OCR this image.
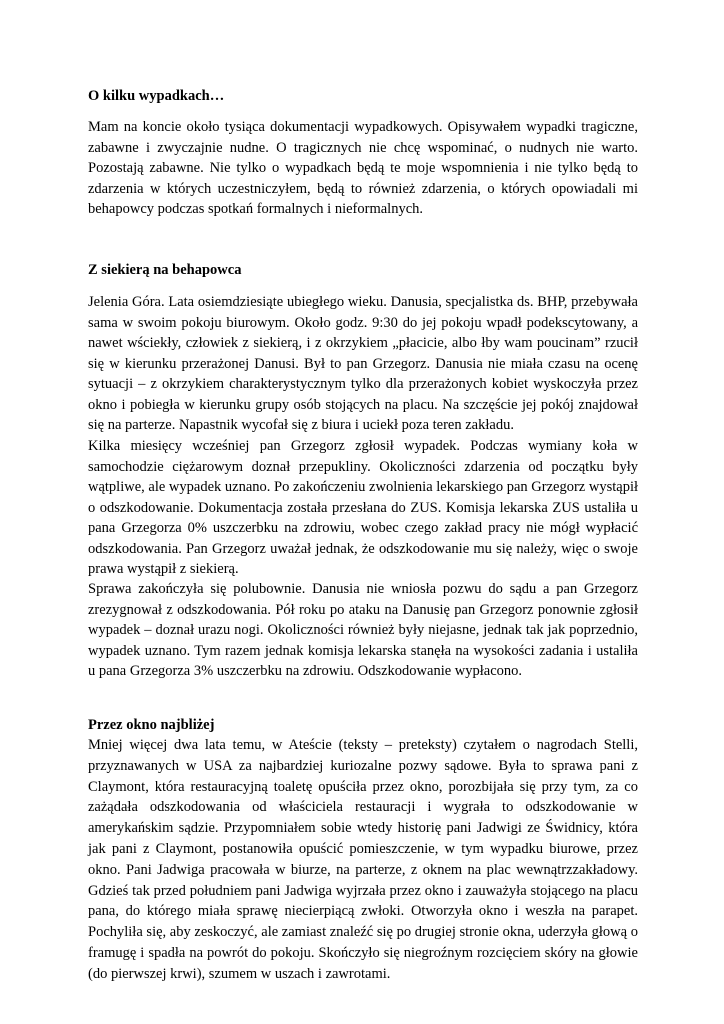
O kilku wypadkach…

Mam na koncie około tysiąca dokumentacji wypadkowych. Opisywałem wypadki tragiczne, zabawne i zwyczajnie nudne. O tragicznych nie chcę wspominać, o nudnych nie warto. Pozostają zabawne. Nie tylko o wypadkach będą te moje wspomnienia i nie tylko będą to zdarzenia w których uczestniczyłem, będą to również zdarzenia, o których opowiadali mi behapowcy podczas spotkań formalnych i nieformalnych.

Z siekierą na behapowca

Jelenia Góra. Lata osiemdziesiąte ubiegłego wieku. Danusia, specjalistka ds. BHP, przebywała sama w swoim pokoju biurowym. Około godz. 9:30 do jej pokoju wpadł podekscytowany, a nawet wściekły, człowiek z siekierą, i z okrzykiem „płacicie, albo łby wam poucinam” rzucił się w kierunku przerażonej Danusi. Był to pan Grzegorz. Danusia nie miała czasu na ocenę sytuacji – z okrzykiem charakterystycznym tylko dla przerażonych kobiet wyskoczyła przez okno i pobiegła w kierunku grupy osób stojących na placu. Na szczęście jej pokój znajdował się na parterze. Napastnik wycofał się z biura i uciekł poza teren zakładu.

Kilka miesięcy wcześniej pan Grzegorz zgłosił wypadek. Podczas wymiany koła w samochodzie ciężarowym doznał przepukliny. Okoliczności zdarzenia od początku były wątpliwe, ale wypadek uznano. Po zakończeniu zwolnienia lekarskiego pan Grzegorz wystąpił o odszkodowanie. Dokumentacja została przesłana do ZUS. Komisja lekarska ZUS ustaliła u pana Grzegorza 0% uszczerbku na zdrowiu, wobec czego zakład pracy nie mógł wypłacić odszkodowania. Pan Grzegorz uważał jednak, że odszkodowanie mu się należy, więc o swoje prawa wystąpił z siekierą.

Sprawa zakończyła się polubownie. Danusia nie wniosła pozwu do sądu a pan Grzegorz zrezygnował z odszkodowania. Pół roku po ataku na Danusię pan Grzegorz ponownie zgłosił wypadek – doznał urazu nogi. Okoliczności również były niejasne, jednak tak jak poprzednio, wypadek uznano. Tym razem jednak komisja lekarska stanęła na wysokości zadania i ustaliła u pana Grzegorza 3% uszczerbku na zdrowiu. Odszkodowanie wypłacono.

Przez okno najbliżej

Mniej więcej dwa lata temu, w Ateście (teksty – preteksty) czytałem o nagrodach Stelli, przyznawanych w USA za najbardziej kuriozalne pozwy sądowe. Była to sprawa pani z Claymont, która restauracyjną toaletę opuściła przez okno, porozbijała się przy tym, za co zażądała odszkodowania od właściciela restauracji i wygrała to odszkodowanie w amerykańskim sądzie. Przypomniałem sobie wtedy historię pani Jadwigi ze Świdnicy, która jak pani z Claymont, postanowiła opuścić pomieszczenie, w tym wypadku biurowe, przez okno. Pani Jadwiga pracowała w biurze, na parterze, z oknem na plac wewnątrzzakładowy. Gdzieś tak przed południem pani Jadwiga wyjrzała przez okno i zauważyła stojącego na placu pana, do którego miała sprawę niecierpiącą zwłoki. Otworzyła okno i weszła na parapet. Pochyliła się, aby zeskoczyć, ale zamiast znaleźć się po drugiej stronie okna, uderzyła głową o framugę i spadła na powrót do pokoju. Skończyło się niegroźnym rozcięciem skóry na głowie (do pierwszej krwi), szumem w uszach i zawrotami.
